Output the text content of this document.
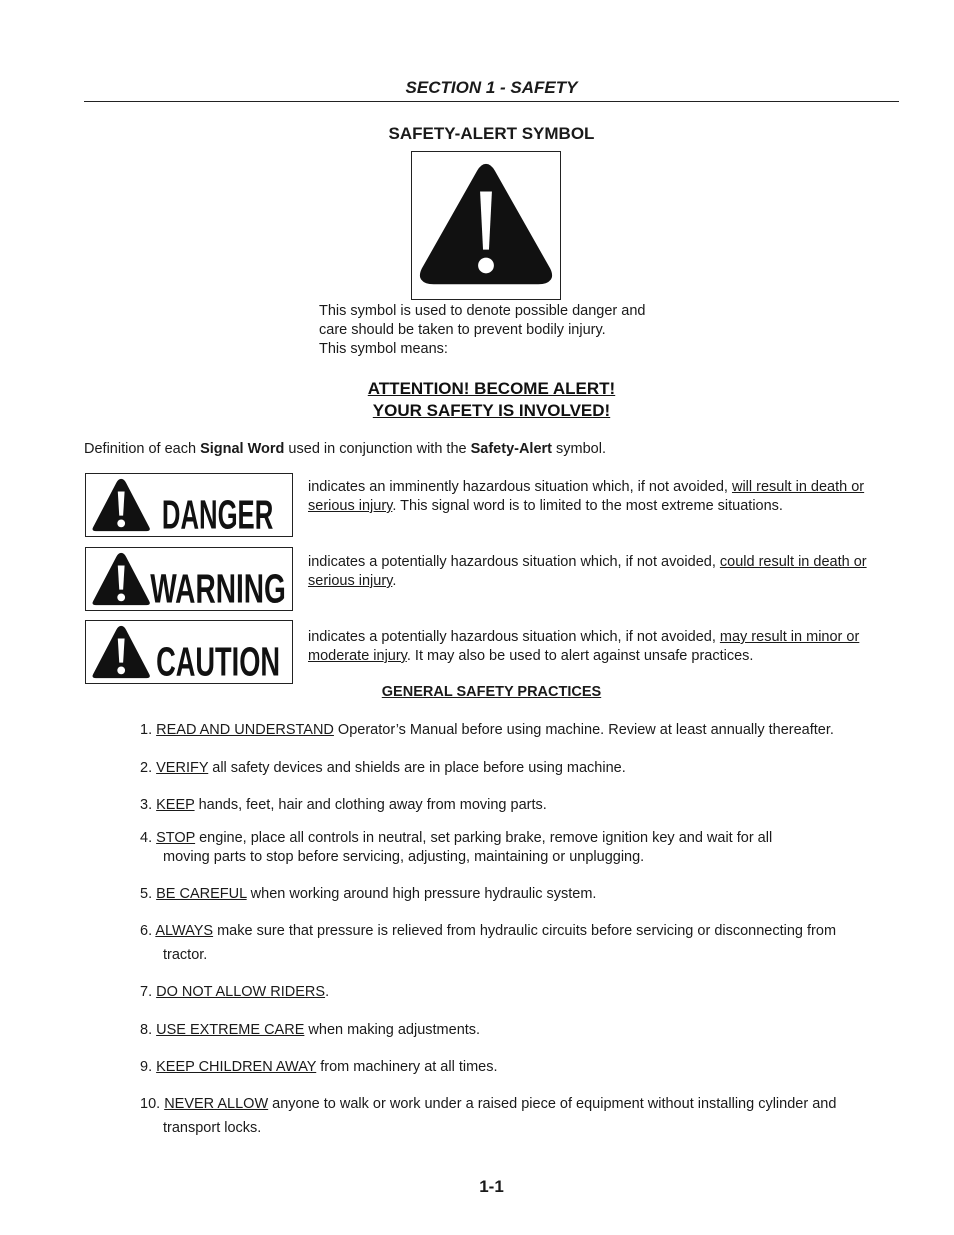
SECTION 1 - SAFETY
SAFETY-ALERT SYMBOL
This symbol is used to denote possible danger and
care should be taken to prevent bodily injury.
This symbol means:
ATTENTION! BECOME ALERT!
YOUR SAFETY IS INVOLVED!
Definition of each Signal Word used in conjunction with the Safety-Alert symbol.
DANGER
indicates an imminently hazardous situation which, if not avoided, will result in death or serious injury. This signal word is to limited to the most extreme situations.
WARNING
indicates a potentially hazardous situation which, if not avoided, could result in death or serious injury.
CAUTION
indicates a potentially hazardous situation which, if not avoided, may result in minor or moderate injury. It may also be used to alert against unsafe practices.
GENERAL SAFETY PRACTICES
1. READ AND UNDERSTAND Operator’s Manual before using machine. Review at least annually thereafter.
2. VERIFY all safety devices and shields are in place before using machine.
3. KEEP hands, feet, hair and clothing away from moving parts.
4. STOP engine, place all controls in neutral, set parking brake, remove ignition key and wait for all
moving parts to stop before servicing, adjusting, maintaining or unplugging.
5. BE CAREFUL when working around high pressure hydraulic system.
6. ALWAYS make sure that pressure is relieved from hydraulic circuits before servicing or disconnecting from
tractor.
7. DO NOT ALLOW RIDERS.
8. USE EXTREME CARE when making adjustments.
9. KEEP CHILDREN AWAY from machinery at all times.
10. NEVER ALLOW anyone to walk or work under a raised piece of equipment without installing cylinder and
transport locks.
1-1
